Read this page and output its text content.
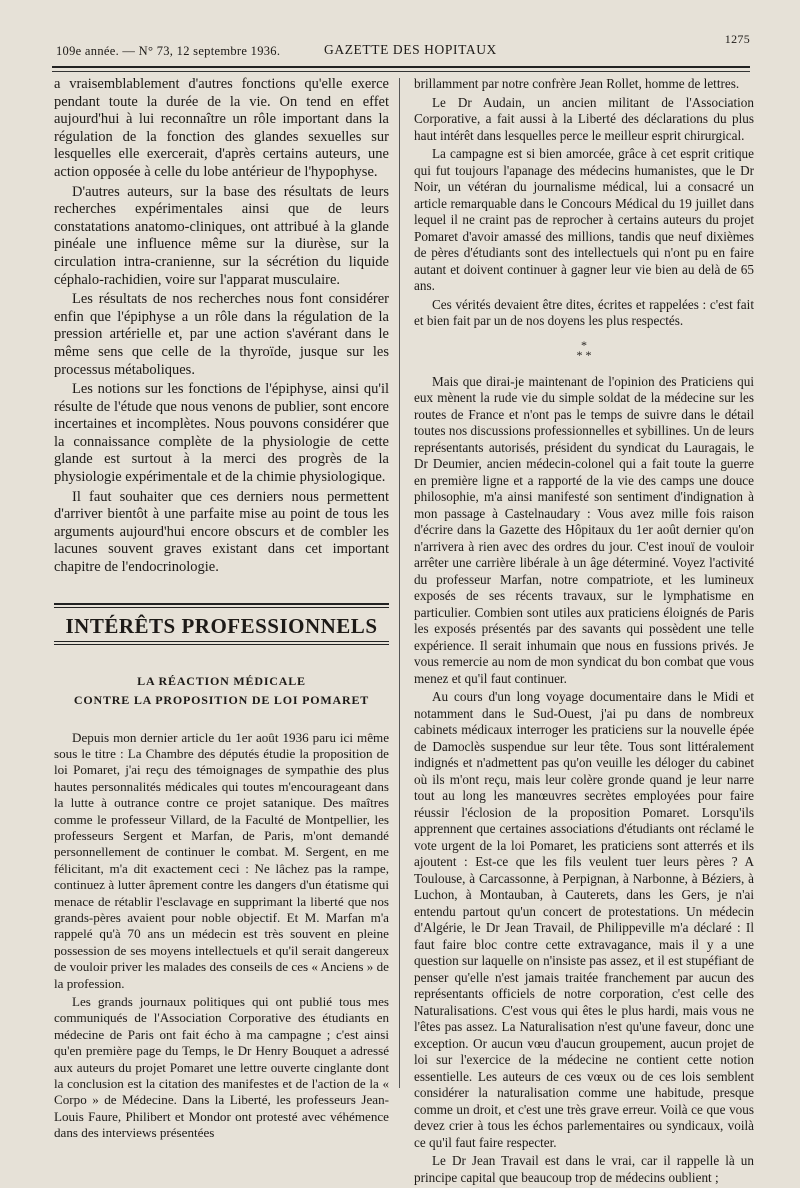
109e année. — N° 73, 12 septembre 1936.	GAZETTE DES HOPITAUX
1275

a vraisemblablement d'autres fonctions qu'elle exerce pendant toute la durée de la vie. On tend en effet aujourd'hui à lui reconnaître un rôle important dans la régulation de la fonction des glandes sexuelles sur lesquelles elle exercerait, d'après certains auteurs, une action opposée à celle du lobe antérieur de l'hypophyse.

D'autres auteurs, sur la base des résultats de leurs recherches expérimentales ainsi que de leurs constatations anatomo-cliniques, ont attribué à la glande pinéale une influence même sur la diurèse, sur la circulation intra-cranienne, sur la sécrétion du liquide céphalo-rachidien, voire sur l'apparat musculaire.

Les résultats de nos recherches nous font considérer enfin que l'épiphyse a un rôle dans la régulation de la pression artérielle et, par une action s'avérant dans le même sens que celle de la thyroïde, jusque sur les processus métaboliques.

Les notions sur les fonctions de l'épiphyse, ainsi qu'il résulte de l'étude que nous venons de publier, sont encore incertaines et incomplètes. Nous pouvons considérer que la connaissance complète de la physiologie de cette glande est surtout à la merci des progrès de la physiologie expérimentale et de la chimie physiologique.

Il faut souhaiter que ces derniers nous permettent d'arriver bientôt à une parfaite mise au point de tous les arguments aujourd'hui encore obscurs et de combler les lacunes souvent graves existant dans cet important chapitre de l'endocrinologie.

INTÉRÊTS PROFESSIONNELS

LA RÉACTION MÉDICALE

CONTRE LA PROPOSITION DE LOI POMARET

Depuis mon dernier article du 1er août 1936 paru ici même sous le titre : La Chambre des députés étudie la proposition de loi Pomaret, j'ai reçu des témoignages de sympathie des plus hautes personnalités médicales qui toutes m'encourageant dans la lutte à outrance contre ce projet satanique. Des maîtres comme le professeur Villard, de la Faculté de Montpellier, les professeurs Sergent et Marfan, de Paris, m'ont demandé personnellement de continuer le combat. M. Sergent, en me félicitant, m'a dit exactement ceci : Ne lâchez pas la rampe, continuez à lutter âprement contre les dangers d'un étatisme qui menace de rétablir l'esclavage en supprimant la liberté que nos grands-pères avaient pour noble objectif. Et M. Marfan m'a rappelé qu'à 70 ans un médecin est très souvent en pleine possession de ses moyens intellectuels et qu'il serait dangereux de vouloir priver les malades des conseils de ces « Anciens » de la profession.

Les grands journaux politiques qui ont publié tous mes communiqués de l'Association Corporative des étudiants en médecine de Paris ont fait écho à ma campagne ; c'est ainsi qu'en première page du Temps, le Dr Henry Bouquet a adressé aux auteurs du projet Pomaret une lettre ouverte cinglante dont la conclusion est la citation des manifestes et de l'action de la « Corpo » de Médecine. Dans la Liberté, les professeurs Jean-Louis Faure, Philibert et Mondor ont protesté avec véhémence dans des interviews présentées

brillamment par notre confrère Jean Rollet, homme de lettres.

Le Dr Audain, un ancien militant de l'Association Corporative, a fait aussi à la Liberté des déclarations du plus haut intérêt dans lesquelles perce le meilleur esprit chirurgical.

La campagne est si bien amorcée, grâce à cet esprit critique qui fut toujours l'apanage des médecins humanistes, que le Dr Noir, un vétéran du journalisme médical, lui a consacré un article remarquable dans le Concours Médical du 19 juillet dans lequel il ne craint pas de reprocher à certains auteurs du projet Pomaret d'avoir amassé des millions, tandis que neuf dixièmes de pères d'étudiants sont des intellectuels qui n'ont pu en faire autant et doivent continuer à gagner leur vie bien au delà de 65 ans.

Ces vérités devaient être dites, écrites et rappelées : c'est fait et bien fait par un de nos doyens les plus respectés.

*
* *

Mais que dirai-je maintenant de l'opinion des Praticiens qui eux mènent la rude vie du simple soldat de la médecine sur les routes de France et n'ont pas le temps de suivre dans le détail toutes nos discussions professionnelles et sybillines. Un de leurs représentants autorisés, président du syndicat du Lauragais, le Dr Deumier, ancien médecin-colonel qui a fait toute la guerre en première ligne et a rapporté de la vie des camps une douce philosophie, m'a ainsi manifesté son sentiment d'indignation à mon passage à Castelnaudary : Vous avez mille fois raison d'écrire dans la Gazette des Hôpitaux du 1er août dernier qu'on n'arrivera à rien avec des ordres du jour. C'est inouï de vouloir arrêter une carrière libérale à un âge déterminé. Voyez l'activité du professeur Marfan, notre compatriote, et les lumineux exposés de ses récents travaux, sur le lymphatisme en particulier. Combien sont utiles aux praticiens éloignés de Paris les exposés présentés par des savants qui possèdent une telle expérience. Il serait inhumain que nous en fussions privés. Je vous remercie au nom de mon syndicat du bon combat que vous menez et qu'il faut continuer.

Au cours d'un long voyage documentaire dans le Midi et notamment dans le Sud-Ouest, j'ai pu dans de nombreux cabinets médicaux interroger les praticiens sur la nouvelle épée de Damoclès suspendue sur leur tête. Tous sont littéralement indignés et n'admettent pas qu'on veuille les déloger du cabinet où ils m'ont reçu, mais leur colère gronde quand je leur narre tout au long les manœuvres secrètes employées pour faire réussir l'éclosion de la proposition Pomaret. Lorsqu'ils apprennent que certaines associations d'étudiants ont réclamé le vote urgent de la loi Pomaret, les praticiens sont atterrés et ils ajoutent : Est-ce que les fils veulent tuer leurs pères ? A Toulouse, à Carcassonne, à Perpignan, à Narbonne, à Béziers, à Luchon, à Montauban, à Cauterets, dans les Gers, je n'ai entendu partout qu'un concert de protestations. Un médecin d'Algérie, le Dr Jean Travail, de Philippeville m'a déclaré : Il faut faire bloc contre cette extravagance, mais il y a une question sur laquelle on n'insiste pas assez, et il est stupéfiant de penser qu'elle n'est jamais traitée franchement par aucun des représentants officiels de notre corporation, c'est celle des Naturalisations. C'est vous qui êtes le plus hardi, mais vous ne l'êtes pas assez. La Naturalisation n'est qu'une faveur, donc une exception. Or aucun vœu d'aucun groupement, aucun projet de loi sur l'exercice de la médecine ne contient cette notion essentielle. Les auteurs de ces vœux ou de ces lois semblent considérer la naturalisation comme une habitude, presque comme un droit, et c'est une très grave erreur. Voilà ce que vous devez crier à tous les échos parlementaires ou syndicaux, voilà ce qu'il faut faire respecter.

Le Dr Jean Travail est dans le vrai, car il rappelle là un principe capital que beaucoup trop de médecins oublient ;
